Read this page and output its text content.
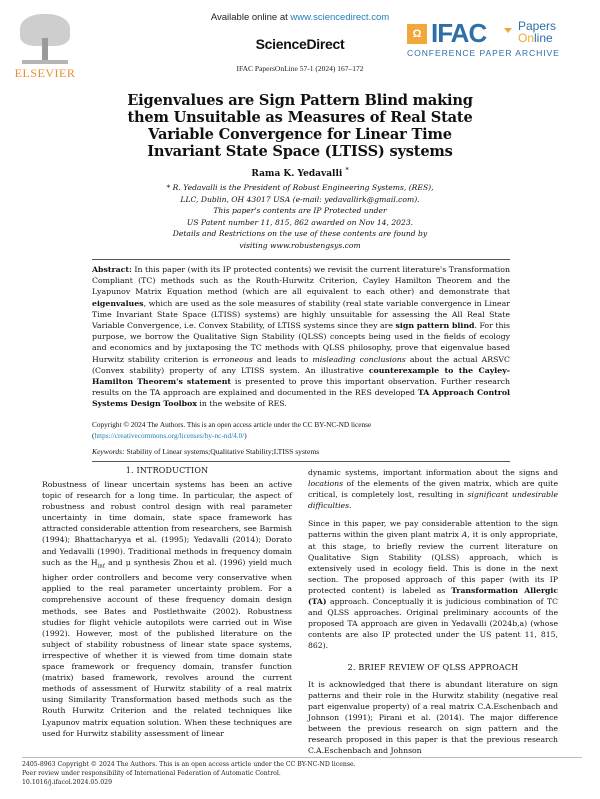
ELSEVIER
Available online at www.sciencedirect.com
ScienceDirect
IFAC PapersOnLine 57-1 (2024) 167–172
Ω IFAC	Papers
Online
CONFERENCE PAPER ARCHIVE
Eigenvalues are Sign Pattern Blind making
them Unsuitable as Measures of Real State
Variable Convergence for Linear Time
Invariant State Space (LTISS) systems
Rama K. Yedavalli *
* R. Yedavalli is the President of Robust Engineering Systems, (RES),
LLC, Dublin, OH 43017 USA (e-mail: yedavallirk@gmail.com).
This paper's contents are IP Protected under
US Patent number 11, 815, 862 awarded on Nov 14, 2023.
Details and Restrictions on the use of these contents are found by
visiting www.robustengsys.com
Abstract: In this paper (with its IP protected contents) we revisit the current literature's Transformation Compliant (TC) methods such as the Routh-Hurwitz Criterion, Cayley Hamilton Theorem and the Lyapunov Matrix Equation method (which are all equivalent to each other) and demonstrate that eigenvalues, which are used as the sole measures of stability (real state variable convergence in Linear Time Invariant State Space (LTISS) systems) are highly unsuitable for assessing the All Real State Variable Convergence, i.e. Convex Stability, of LTISS systems since they are sign pattern blind. For this purpose, we borrow the Qualitative Sign Stability (QLSS) concepts being used in the fields of ecology and economics and by juxtaposing the TC methods with QLSS philosophy, prove that eigenvalue based Hurwitz stability criterion is erroneous and leads to misleading conclusions about the actual ARSVC (Convex stability) property of any LTISS system. An illustrative counterexample to the Cayley-Hamilton Theorem's statement is presented to prove this important observation. Further research results on the TA approach are explained and documented in the RES developed TA Approach Control Systems Design Toolbox in the website of RES.
Copyright © 2024 The Authors. This is an open access article under the CC BY-NC-ND license
(https://creativecommons.org/licenses/by-nc-nd/4.0/)
Keywords: Stability of Linear systems;Qualitative Stability;LTISS systems
1. INTRODUCTION

Robustness of linear uncertain systems has been an active topic of research for a long time. In particular, the aspect of robustness and robust control design with real parameter uncertainty in time domain, state space framework has attracted considerable attention from researchers, see Barmish (1994); Bhattacharyya et al. (1995); Yedavalli (2014); Dorato and Yedavalli (1990). Traditional methods in frequency domain such as the $H_{inf}$ and μ synthesis Zhou et al. (1996) yield much higher order controllers and become very conservative when applied to the real parameter uncertainty problem. For a comprehensive account of these frequency domain design methods, see Bates and Postlethwaite (2002). Robustness studies for flight vehicle autopilots were carried out in Wise (1992). However, most of the published literature on the subject of stability robustness of linear state space systems, irrespective of whether it is viewed from time domain state space framework or frequency domain, transfer function (matrix) based framework, revolves around the current methods of assessment of Hurwitz stability of a real matrix using Similarity Transformation based methods such as the Routh Hurwitz Criterion and the related techniques like Lyapunov matrix equation solution. When these techniques are used for Hurwitz stability assessment of linear

dynamic systems, important information about the signs and locations of the elements of the given matrix, which are quite critical, is completely lost, resulting in significant undesirable difficulties.

Since in this paper, we pay considerable attention to the sign patterns within the given plant matrix A, it is only appropriate, at this stage, to briefly review the current literature on Qualitative Sign Stability (QLSS) approach, which is extensively used in ecology field. This is done in the next section. The proposed approach of this paper (with its IP protected content) is labeled as Transformation Allergic (TA) approach. Conceptually it is judicious combination of TC and QLSS approaches. Original preliminary accounts of the proposed TA approach are given in Yedavalli (2024b,a) (whose contents are also IP protected under the US patent 11, 815, 862).

2. BRIEF REVIEW OF QLSS APPROACH

It is acknowledged that there is abundant literature on sign patterns and their role in the Hurwitz stability (negative real part eigenvalue property) of a real matrix C.A.Eschenbach and Johnson (1991); Pirani et al. (2014). The major difference between the previous research on sign pattern and the research proposed in this paper is that the previous research C.A.Eschenbach and Johnson

2405-8963 Copyright © 2024 The Authors. This is an open access article under the CC BY-NC-ND license.
Peer review under responsibility of International Federation of Automatic Control.
10.1016/j.ifacol.2024.05.029
